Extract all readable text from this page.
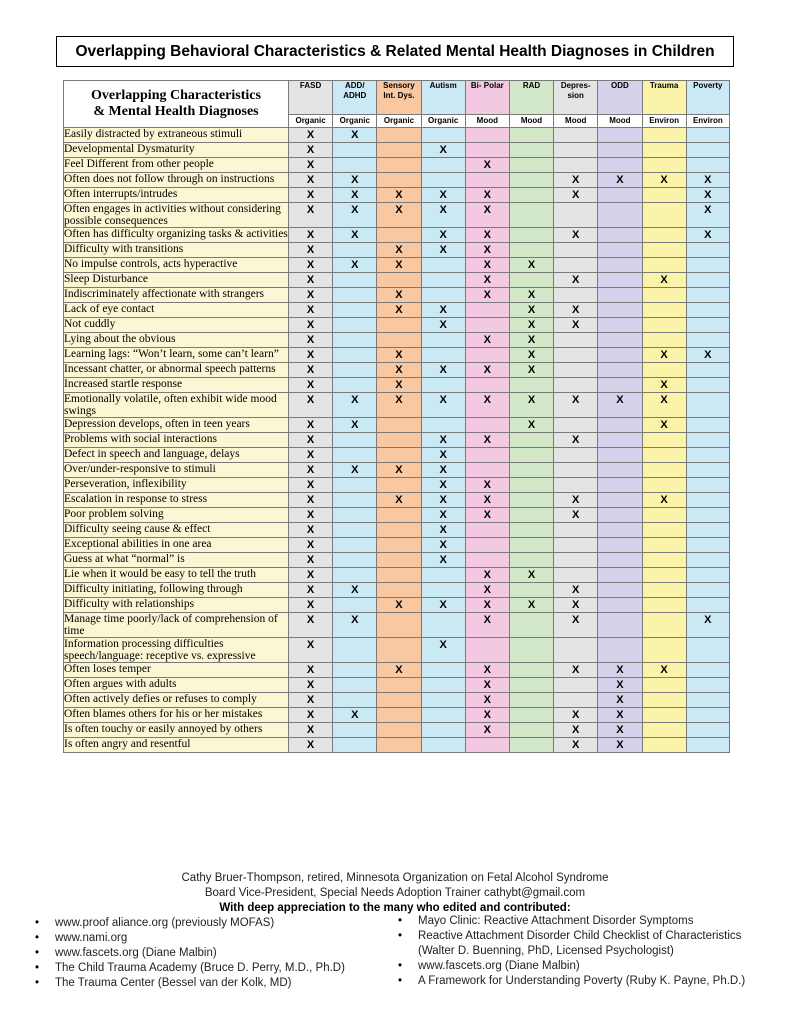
Overlapping Behavioral Characteristics & Related Mental Health Diagnoses in Children
Overlapping Characteristics
& Mental Health Diagnoses	FASD	ADD/ ADHD	Sensory Int. Dys.	Autism	Bi- Polar	RAD	Depres- sion	ODD	Trauma	Poverty
	Organic	Organic	Organic	Organic	Mood	Mood	Mood	Mood	Environ	Environ
Easily distracted by extraneous stimuli	X	X								
Developmental Dysmaturity	X			X						
Feel Different from other people	X				X					
Often does not follow through on instructions	X	X					X	X	X	X
Often interrupts/intrudes	X	X	X	X	X		X			X
Often engages in activities without considering possible consequences	X	X	X	X	X					X
Often has difficulty organizing tasks & activities	X	X		X	X		X			X
Difficulty with transitions	X		X	X	X					
No impulse controls, acts hyperactive	X	X	X		X	X				
Sleep Disturbance	X				X		X		X	
Indiscriminately affectionate with strangers	X		X		X	X				
Lack of eye contact	X		X	X		X	X			
Not cuddly	X			X		X	X			
Lying about the obvious	X				X	X				
Learning lags: “Won’t learn, some can’t learn”	X		X			X			X	X
Incessant chatter, or abnormal speech patterns	X		X	X	X	X				
Increased startle response	X		X						X	
Emotionally volatile, often exhibit wide mood swings	X	X	X	X	X	X	X	X	X	
Depression develops, often in teen years	X	X				X			X	
Problems with social interactions	X			X	X		X			
Defect in speech and language, delays	X			X						
Over/under-responsive to stimuli	X	X	X	X						
Perseveration, inflexibility	X			X	X					
Escalation in response to stress	X		X	X	X		X		X	
Poor problem solving	X			X	X		X			
Difficulty seeing cause & effect	X			X						
Exceptional abilities in one area	X			X						
Guess at what “normal” is	X			X						
Lie when it would be easy to tell the truth	X				X	X				
Difficulty initiating, following through	X	X			X		X			
Difficulty with relationships	X		X	X	X	X	X			
Manage time poorly/lack of comprehension of time	X	X			X		X			X
Information processing difficulties speech/language: receptive vs. expressive	X			X						
Often loses temper	X		X		X		X	X	X	
Often argues with adults	X				X			X		
Often actively defies or refuses to comply	X				X			X		
Often blames others for his or her mistakes	X	X			X		X	X		
Is often touchy or easily annoyed by others	X				X		X	X		
Is often angry and resentful	X						X	X		
Cathy Bruer-Thompson, retired, Minnesota Organization on Fetal Alcohol Syndrome
Board Vice-President, Special Needs Adoption Trainer cathybt@gmail.com
With deep appreciation to the many who edited and contributed:
• www.proof aliance.org (previously MOFAS)
• www.nami.org
• www.fascets.org (Diane Malbin)
• The Child Trauma Academy (Bruce D. Perry, M.D., Ph.D)
• The Trauma Center (Bessel van der Kolk, MD)
• Mayo Clinic: Reactive Attachment Disorder Symptoms
• Reactive Attachment Disorder Child Checklist of Characteristics (Walter D. Buenning, PhD, Licensed Psychologist)
• www.fascets.org (Diane Malbin)
• A Framework for Understanding Poverty (Ruby K. Payne, Ph.D.)
